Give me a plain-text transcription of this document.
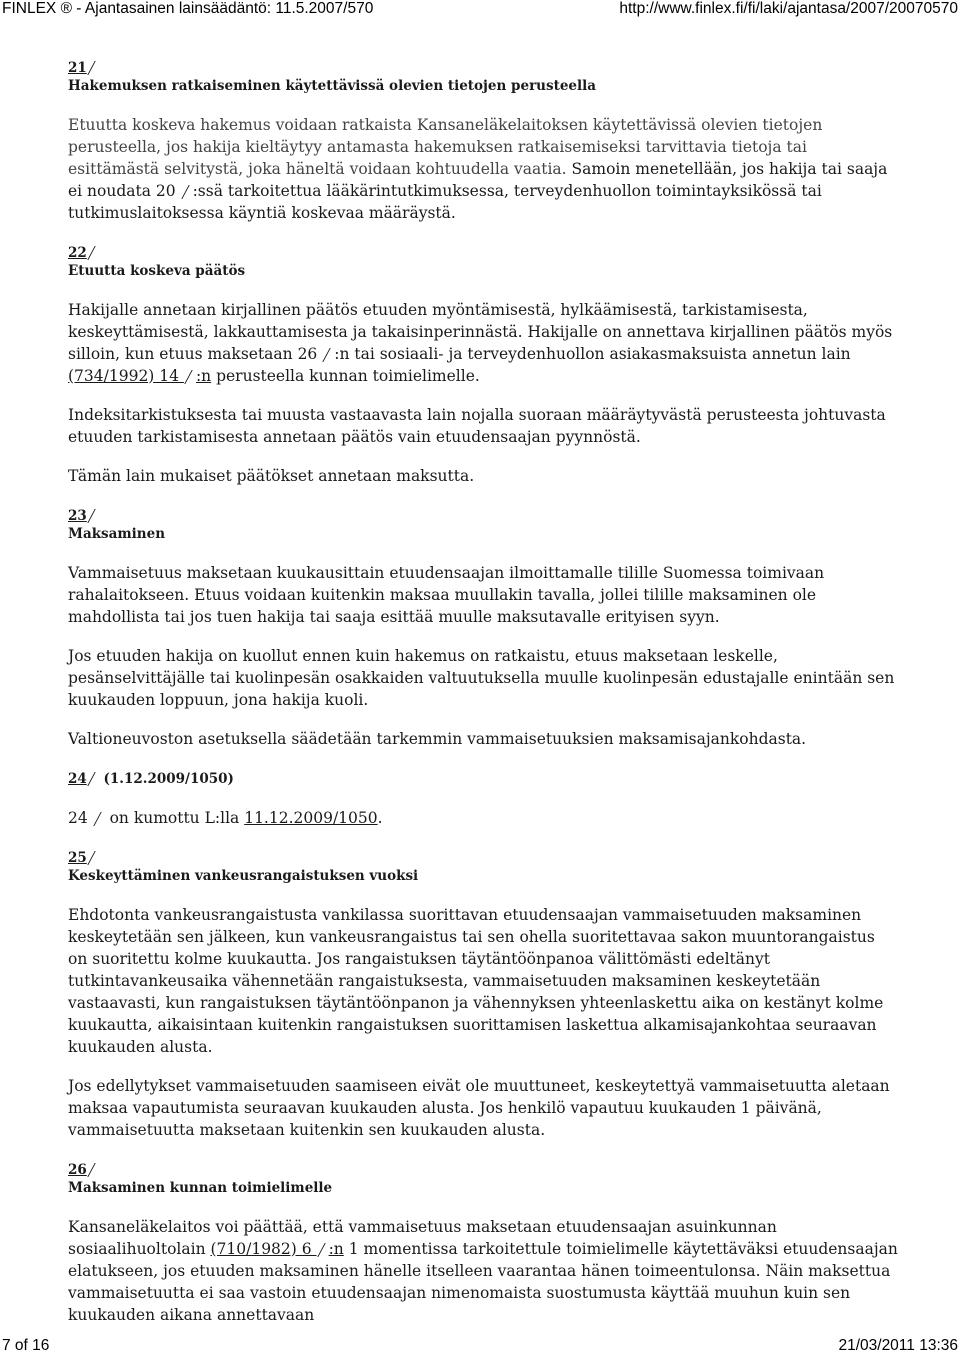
FINLEX ® - Ajantasainen lainsäädäntö: 11.5.2007/570	http://www.finlex.fi/fi/laki/ajantasa/2007/20070570
21
Hakemuksen ratkaiseminen käytettävissä olevien tietojen perusteella

Etuutta koskeva hakemus voidaan ratkaista Kansaneläkelaitoksen käytettävissä olevien tietojen perusteella, jos hakija kieltäytyy antamasta hakemuksen ratkaisemiseksi tarvittavia tietoja tai esittämästä selvitystä, joka häneltä voidaan kohtuudella vaatia. Samoin menetellään, jos hakija tai saaja ei noudata 20 :ssä tarkoitettua lääkärintutkimuksessa, terveydenhuollon toimintayksikössä tai tutkimuslaitoksessa käyntiä koskevaa määräystä.

22
Etuutta koskeva päätös

Hakijalle annetaan kirjallinen päätös etuuden myöntämisestä, hylkäämisestä, tarkistamisesta, keskeyttämisestä, lakkauttamisesta ja takaisinperinnästä. Hakijalle on annettava kirjallinen päätös myös silloin, kun etuus maksetaan 26 :n tai sosiaali- ja terveydenhuollon asiakasmaksuista annetun lain (734/1992) 14 :n perusteella kunnan toimielimelle.

Indeksitarkistuksesta tai muusta vastaavasta lain nojalla suoraan määräytyvästä perusteesta johtuvasta etuuden tarkistamisesta annetaan päätös vain etuudensaajan pyynnöstä.

Tämän lain mukaiset päätökset annetaan maksutta.

23
Maksaminen

Vammaisetuus maksetaan kuukausittain etuudensaajan ilmoittamalle tilille Suomessa toimivaan rahalaitokseen. Etuus voidaan kuitenkin maksaa muullakin tavalla, jollei tilille maksaminen ole mahdollista tai jos tuen hakija tai saaja esittää muulle maksutavalle erityisen syyn.

Jos etuuden hakija on kuollut ennen kuin hakemus on ratkaistu, etuus maksetaan leskelle, pesänselvittäjälle tai kuolinpesän osakkaiden valtuutuksella muulle kuolinpesän edustajalle enintään sen kuukauden loppuun, jona hakija kuoli.

Valtioneuvoston asetuksella säädetään tarkemmin vammaisetuuksien maksamisajankohdasta.

24 (1.12.2009/1050)

24  on kumottu L:lla 11.12.2009/1050.

25
Keskeyttäminen vankeusrangaistuksen vuoksi

Ehdotonta vankeusrangaistusta vankilassa suorittavan etuudensaajan vammaisetuuden maksaminen keskeytetään sen jälkeen, kun vankeusrangaistus tai sen ohella suoritettavaa sakon muuntorangaistus on suoritettu kolme kuukautta. Jos rangaistuksen täytäntöönpanoa välittömästi edeltänyt tutkintavankeusaika vähennetään rangaistuksesta, vammaisetuuden maksaminen keskeytetään vastaavasti, kun rangaistuksen täytäntöönpanon ja vähennyksen yhteenlaskettu aika on kestänyt kolme kuukautta, aikaisintaan kuitenkin rangaistuksen suorittamisen laskettua alkamisajankohtaa seuraavan kuukauden alusta.

Jos edellytykset vammaisetuuden saamiseen eivät ole muuttuneet, keskeytettyä vammaisetuutta aletaan maksaa vapautumista seuraavan kuukauden alusta. Jos henkilö vapautuu kuukauden 1 päivänä, vammaisetuutta maksetaan kuitenkin sen kuukauden alusta.

26
Maksaminen kunnan toimielimelle

Kansaneläkelaitos voi päättää, että vammaisetuus maksetaan etuudensaajan asuinkunnan sosiaalihuoltolain (710/1982) 6 :n 1 momentissa tarkoitettule toimielimelle käytettäväksi etuudensaajan elatukseen, jos etuuden maksaminen hänelle itselleen vaarantaa hänen toimeentulonsa. Näin maksettua vammaisetuutta ei saa vastoin etuudensaajan nimenomaista suostumusta käyttää muuhun kuin sen kuukauden aikana annettavaan

7 of 16	21/03/2011 13:36
